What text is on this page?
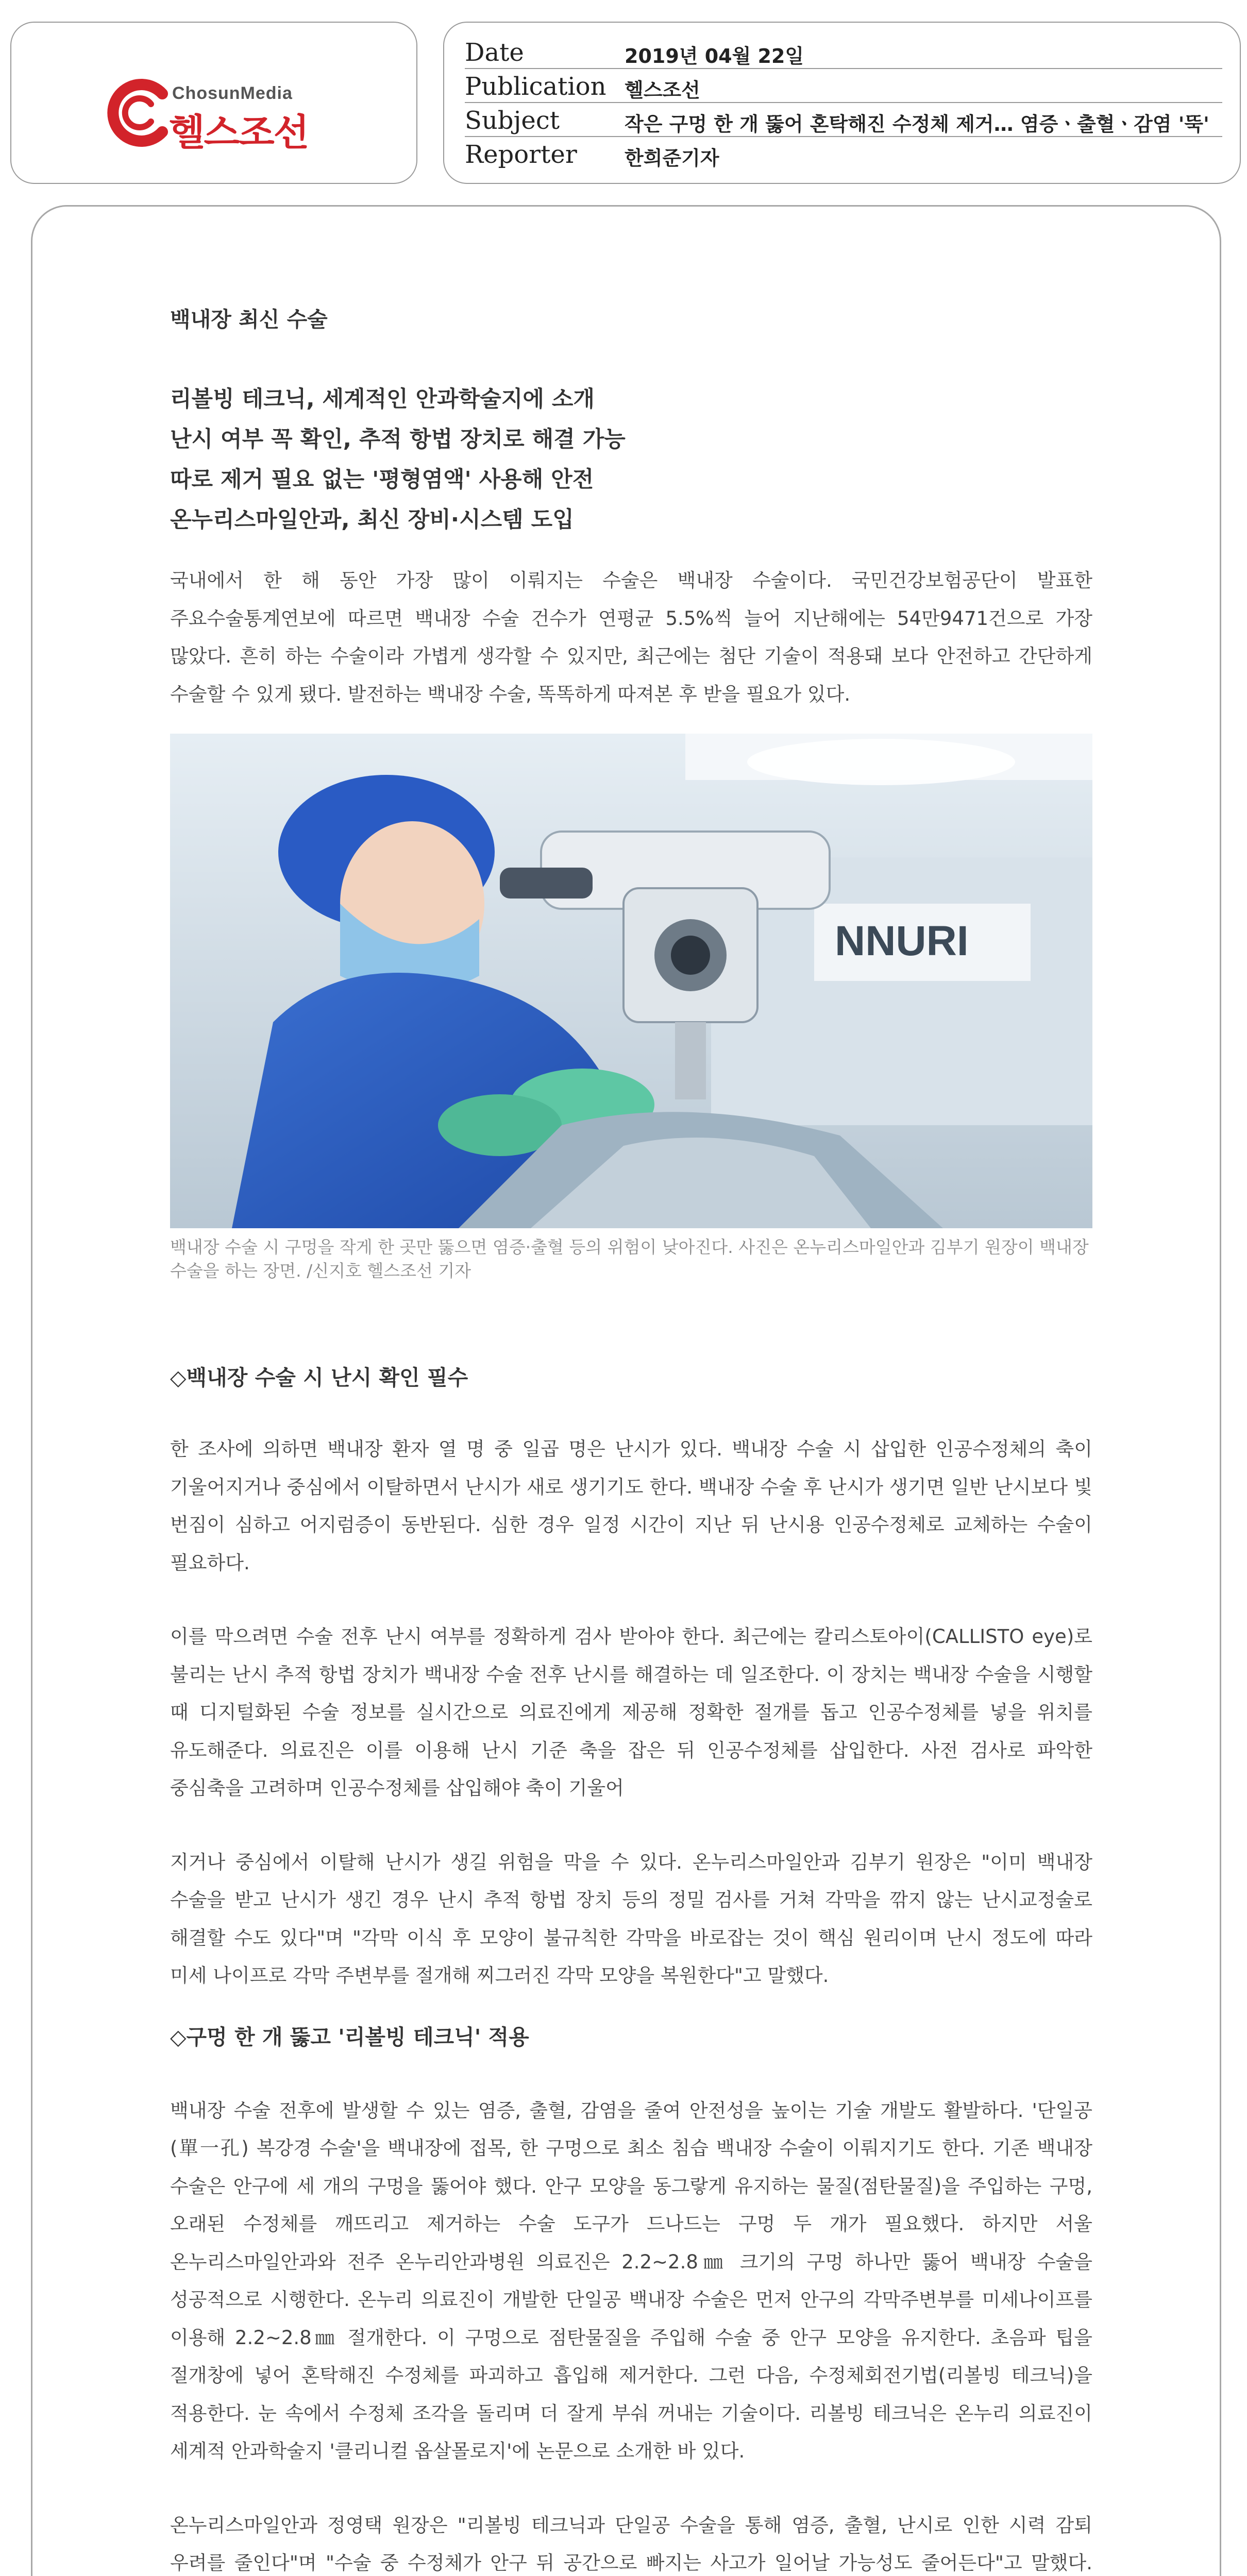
ChosunMedia
헬스조선
Date	2019년 04월 22일
Publication 헬스조선
Subject	작은 구멍 한 개 뚫어 혼탁해진 수정체 제거… 염증ㆍ출혈ㆍ감염 '뚝'
Reporter 한희준기자

백내장 최신 수술

리볼빙 테크닉, 세계적인 안과학술지에 소개

난시 여부 꼭 확인, 추적 항법 장치로 해결 가능

따로 제거 필요 없는 '평형염액' 사용해 안전

온누리스마일안과, 최신 장비·시스템 도입

국내에서 한 해 동안 가장 많이 이뤄지는 수술은 백내장 수술이다. 국민건강보험공단이 발표한 주요수술통계연보에 따르면 백내장 수술 건수가 연평균 5.5%씩 늘어 지난해에는 54만9471건으로 가장 많았다. 흔히 하는 수술이라 가볍게 생각할 수 있지만, 최근에는 첨단 기술이 적용돼 보다 안전하고 간단하게 수술할 수 있게 됐다. 발전하는 백내장 수술, 똑똑하게 따져본 후 받을 필요가 있다.

NNURI

백내장 수술 시 구멍을 작게 한 곳만 뚫으면 염증·출혈 등의 위험이 낮아진다. 사진은 온누리스마일안과 김부기 원장이 백내장 수술을 하는 장면. /신지호 헬스조선 기자

◇백내장 수술 시 난시 확인 필수

한 조사에 의하면 백내장 환자 열 명 중 일곱 명은 난시가 있다. 백내장 수술 시 삽입한 인공수정체의 축이 기울어지거나 중심에서 이탈하면서 난시가 새로 생기기도 한다. 백내장 수술 후 난시가 생기면 일반 난시보다 빛 번짐이 심하고 어지럼증이 동반된다. 심한 경우 일정 시간이 지난 뒤 난시용 인공수정체로 교체하는 수술이 필요하다.

이를 막으려면 수술 전후 난시 여부를 정확하게 검사 받아야 한다. 최근에는 칼리스토아이(CALLISTO eye)로 불리는 난시 추적 항법 장치가 백내장 수술 전후 난시를 해결하는 데 일조한다. 이 장치는 백내장 수술을 시행할 때 디지털화된 수술 정보를 실시간으로 의료진에게 제공해 정확한 절개를 돕고 인공수정체를 넣을 위치를 유도해준다. 의료진은 이를 이용해 난시 기준 축을 잡은 뒤 인공수정체를 삽입한다. 사전 검사로 파악한 중심축을 고려하며 인공수정체를 삽입해야 축이 기울어

지거나 중심에서 이탈해 난시가 생길 위험을 막을 수 있다. 온누리스마일안과 김부기 원장은 "이미 백내장 수술을 받고 난시가 생긴 경우 난시 추적 항법 장치 등의 정밀 검사를 거쳐 각막을 깎지 않는 난시교정술로 해결할 수도 있다"며 "각막 이식 후 모양이 불규칙한 각막을 바로잡는 것이 핵심 원리이며 난시 정도에 따라 미세 나이프로 각막 주변부를 절개해 찌그러진 각막 모양을 복원한다"고 말했다.

◇구멍 한 개 뚫고 '리볼빙 테크닉' 적용

백내장 수술 전후에 발생할 수 있는 염증, 출혈, 감염을 줄여 안전성을 높이는 기술 개발도 활발하다. '단일공(單一孔) 복강경 수술'을 백내장에 접목, 한 구멍으로 최소 침습 백내장 수술이 이뤄지기도 한다. 기존 백내장 수술은 안구에 세 개의 구멍을 뚫어야 했다. 안구 모양을 동그랗게 유지하는 물질(점탄물질)을 주입하는 구멍, 오래된 수정체를 깨뜨리고 제거하는 수술 도구가 드나드는 구멍 두 개가 필요했다. 하지만 서울 온누리스마일안과와 전주 온누리안과병원 의료진은 2.2~2.8㎜ 크기의 구멍 하나만 뚫어 백내장 수술을 성공적으로 시행한다. 온누리 의료진이 개발한 단일공 백내장 수술은 먼저 안구의 각막주변부를 미세나이프를 이용해 2.2~2.8㎜ 절개한다. 이 구멍으로 점탄물질을 주입해 수술 중 안구 모양을 유지한다. 초음파 팁을 절개창에 넣어 혼탁해진 수정체를 파괴하고 흡입해 제거한다. 그런 다음, 수정체회전기법(리볼빙 테크닉)을 적용한다. 눈 속에서 수정체 조각을 돌리며 더 잘게 부숴 꺼내는 기술이다. 리볼빙 테크닉은 온누리 의료진이 세계적 안과학술지 '클리니컬 옵살몰로지'에 논문으로 소개한 바 있다.

온누리스마일안과 정영택 원장은 "리볼빙 테크닉과 단일공 수술을 통해 염증, 출혈, 난시로 인한 시력 감퇴 우려를 줄인다"며 "수술 중 수정체가 안구 뒤 공간으로 빠지는 사고가 일어날 가능성도 줄어든다"고 말했다.
